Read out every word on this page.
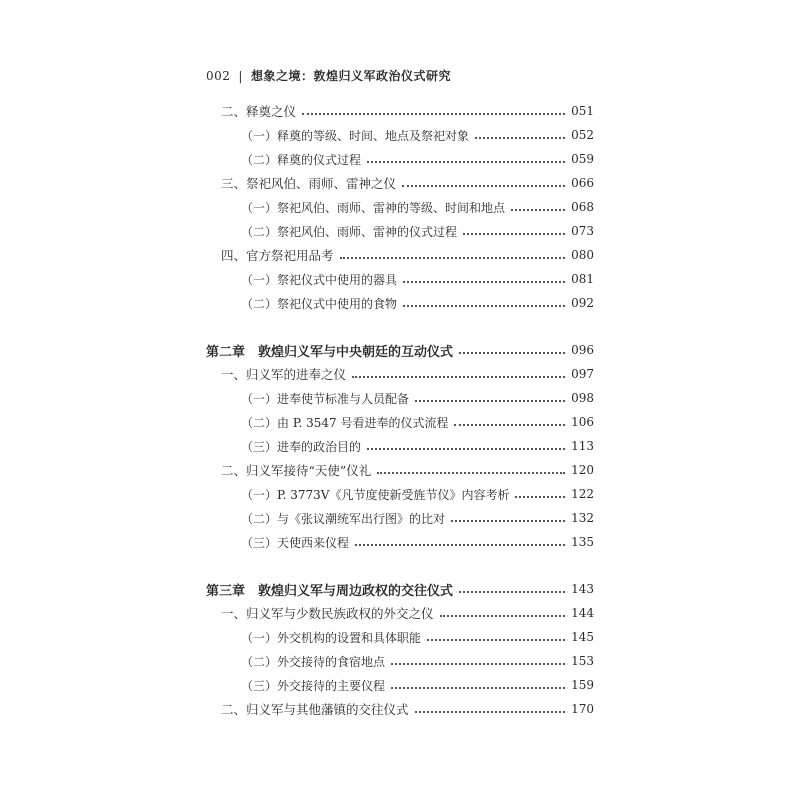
002 | 想象之境：敦煌归义军政治仪式研究
二、释奠之仪	051
（一）释奠的等级、时间、地点及祭祀对象	052
（二）释奠的仪式过程	059
三、祭祀风伯、雨师、雷神之仪	066
（一）祭祀风伯、雨师、雷神的等级、时间和地点	068
（二）祭祀风伯、雨师、雷神的仪式过程	073
四、官方祭祀用品考	080
（一）祭祀仪式中使用的器具	081
（二）祭祀仪式中使用的食物	092
第二章　敦煌归义军与中央朝廷的互动仪式	096
一、归义军的进奉之仪	097
（一）进奉使节标准与人员配备	098
（二）由 P. 3547 号看进奉的仪式流程	106
（三）进奉的政治目的	113
二、归义军接待“天使”仪礼	120
（一）P. 3773V《凡节度使新受旌节仪》内容考析	122
（二）与《张议潮统军出行图》的比对	132
（三）天使西来仪程	135
第三章　敦煌归义军与周边政权的交往仪式	143
一、归义军与少数民族政权的外交之仪	144
（一）外交机构的设置和具体职能	145
（二）外交接待的食宿地点	153
（三）外交接待的主要仪程	159
二、归义军与其他藩镇的交往仪式	170
